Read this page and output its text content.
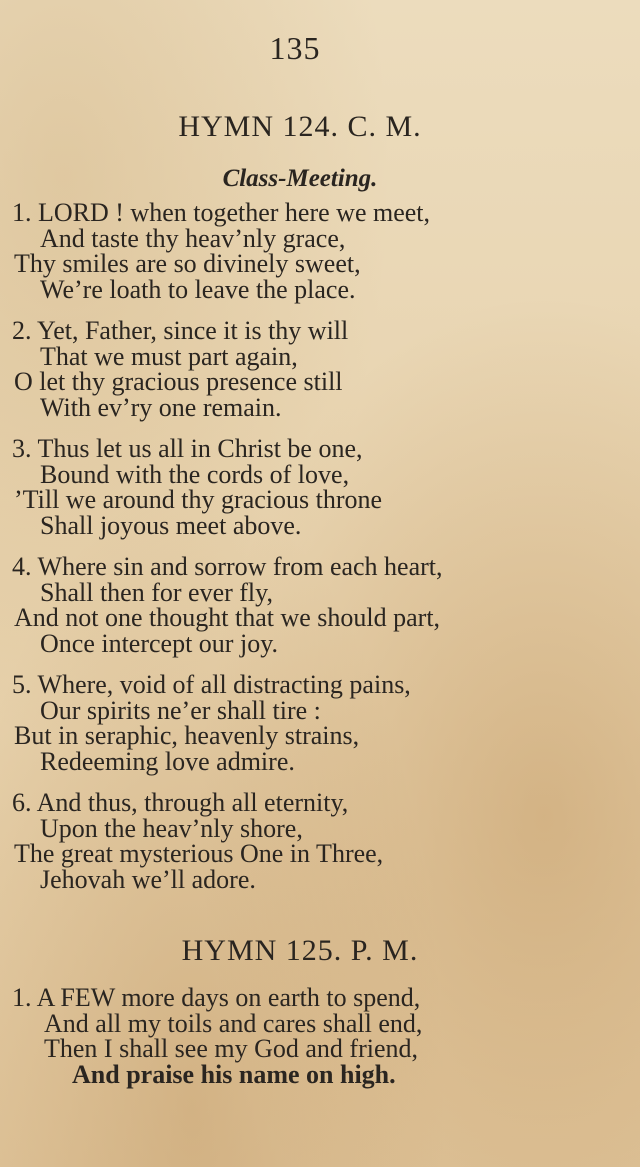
135
HYMN 124. C. M.
Class-Meeting.
1. LORD ! when together here we meet,
And taste thy heav’nly grace,
Thy smiles are so divinely sweet,
We’re loath to leave the place.
2. Yet, Father, since it is thy will
That we must part again,
O let thy gracious presence still
With ev’ry one remain.
3. Thus let us all in Christ be one,
Bound with the cords of love,
’Till we around thy gracious throne
Shall joyous meet above.
4. Where sin and sorrow from each heart,
Shall then for ever fly,
And not one thought that we should part,
Once intercept our joy.
5. Where, void of all distracting pains,
Our spirits ne’er shall tire :
But in seraphic, heavenly strains,
Redeeming love admire.
6. And thus, through all eternity,
Upon the heav’nly shore,
The great mysterious One in Three,
Jehovah we’ll adore.
HYMN 125. P. M.
1. A FEW more days on earth to spend,
And all my toils and cares shall end,
Then I shall see my God and friend,
And praise his name on high.
